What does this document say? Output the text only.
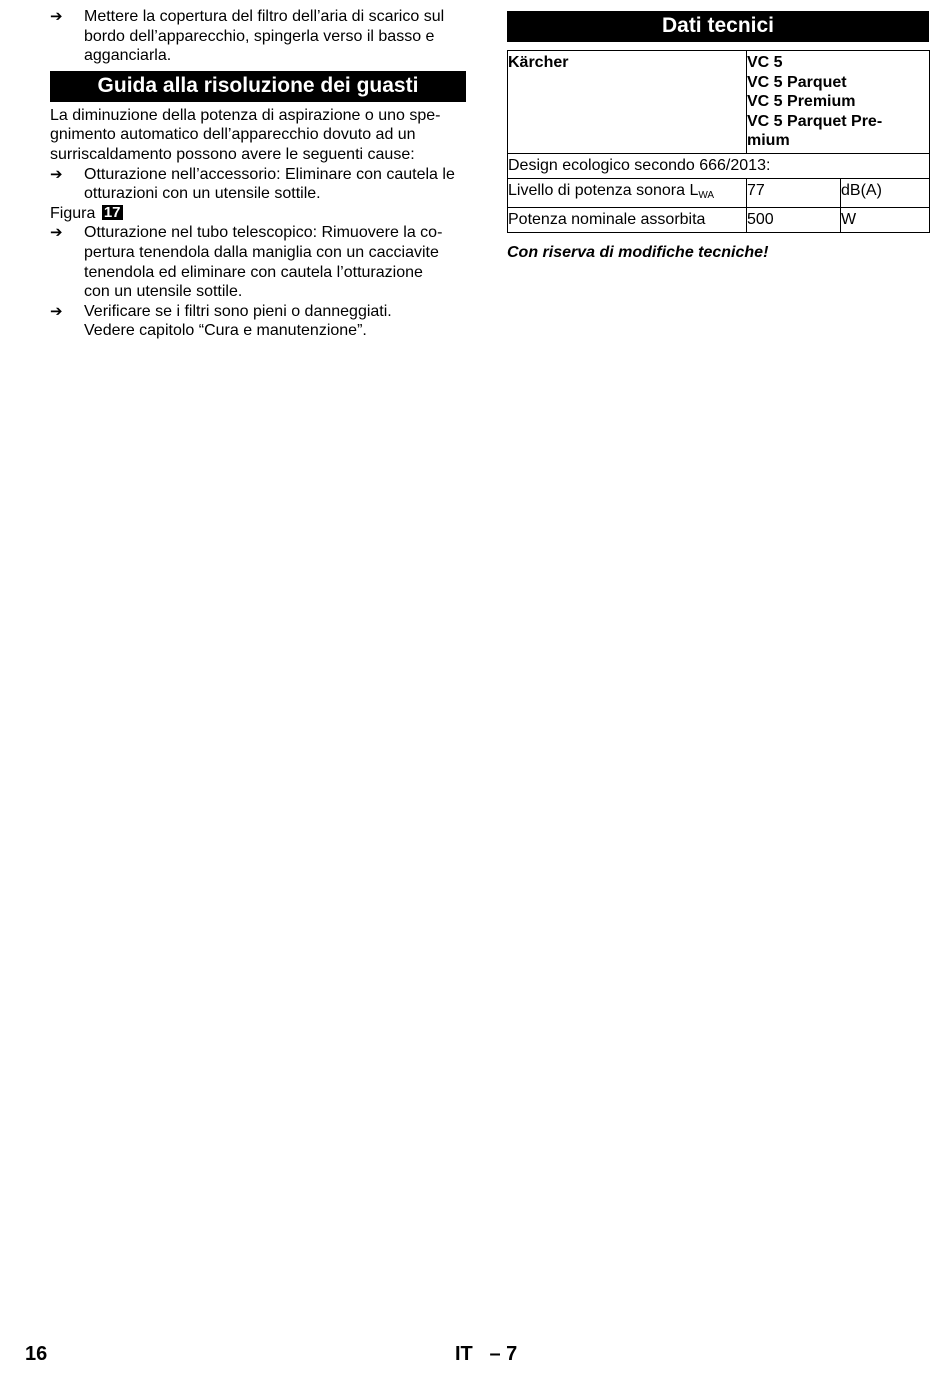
➔ Mettere la copertura del filtro dell’aria di scarico sul bordo dell’apparecchio, spingerla verso il basso e agganciarla.
Guida alla risoluzione dei guasti
La diminuzione della potenza di aspirazione o uno spe-
gnimento automatico dell’apparecchio dovuto ad un
surriscaldamento possono avere le seguenti cause:
➔ Otturazione nell’accessorio: Eliminare con cautela le otturazioni con un utensile sottile.
Figura 17
➔ Otturazione nel tubo telescopico: Rimuovere la co-
pertura tenendola dalla maniglia con un cacciavite
tenendola ed eliminare con cautela l’otturazione
con un utensile sottile.
➔ Verificare se i filtri sono pieni o danneggiati.
Vedere capitolo “Cura e manutenzione”.
Dati tecnici
Kärcher	VC 5
VC 5 Parquet
VC 5 Premium
VC 5 Parquet Pre-
mium	

Design ecologico secondo 666/2013:		
Livello di potenza sonora $L_{WA}$	77	dB(A)
Potenza nominale assorbita	500	W
Con riserva di modifiche tecniche!
16	IT   – 7
